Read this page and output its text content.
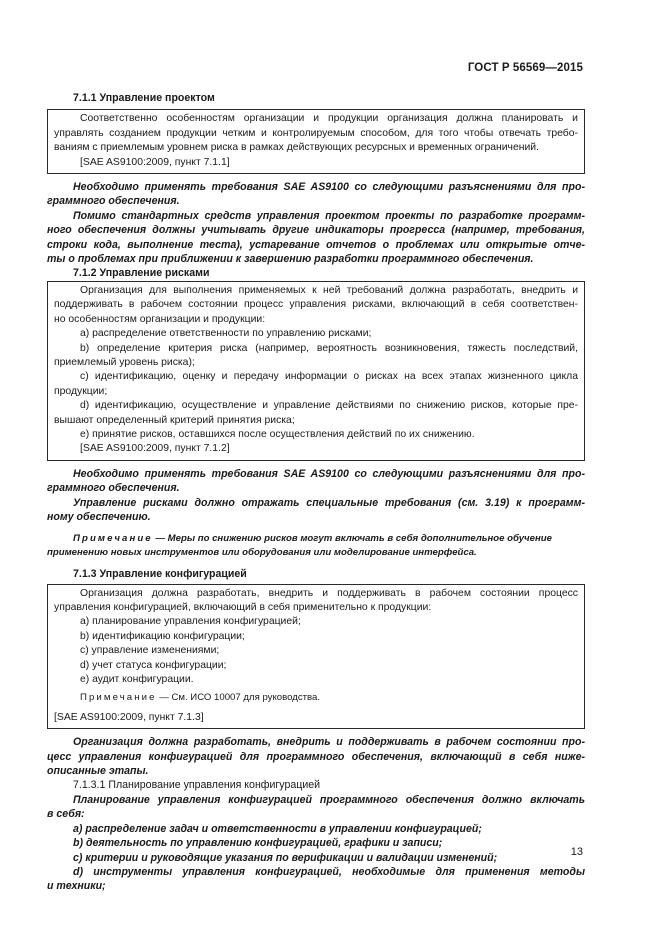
ГОСТ Р 56569—2015
7.1.1 Управление проектом
Соответственно особенностям организации и продукции организация должна планировать и
управлять созданием продукции четким и контролируемым способом, для того чтобы отвечать требо-
ваниям с приемлемым уровнем риска в рамках действующих ресурсных и временных ограничений.
[SAE AS9100:2009, пункт 7.1.1]
Необходимо применять требования SAE AS9100 со следующими разъяснениями для про-
граммного обеспечения.
Помимо стандартных средств управления проектом проекты по разработке программ-
ного обеспечения должны учитывать другие индикаторы прогресса (например, требования,
строки кода, выполнение теста), устаревание отчетов о проблемах или открытые отче-
ты о проблемах при приближении к завершению разработки программного обеспечения.
7.1.2 Управление рисками
Организация для выполнения применяемых к ней требований должна разработать, внедрить и
поддерживать в рабочем состоянии процесс управления рисками, включающий в себя соответствен-
но особенностям организации и продукции:
a) распределение ответственности по управлению рисками;
b) определение критерия риска (например, вероятность возникновения, тяжесть последствий,
приемлемый уровень риска);
c) идентификацию, оценку и передачу информации о рисках на всех этапах жизненного цикла
продукции;
d) идентификацию, осуществление и управление действиями по снижению рисков, которые пре-
вышают определенный критерий принятия риска;
e) принятие рисков, оставшихся после осуществления действий по их снижению.
[SAE AS9100:2009, пункт 7.1.2]
Необходимо применять требования SAE AS9100 со следующими разъяснениями для про-
граммного обеспечения.
Управление рисками должно отражать специальные требования (см. 3.19) к программ-
ному обеспечению.
Примечание — Меры по снижению рисков могут включать в себя дополнительное обучение
применению новых инструментов или оборудования или моделирование интерфейса.
7.1.3 Управление конфигурацией
Организация должна разработать, внедрить и поддерживать в рабочем состоянии процесс
управления конфигурацией, включающий в себя применительно к продукции:
a) планирование управления конфигурацией;
b) идентификацию конфигурации;
c) управление изменениями;
d) учет статуса конфигурации;
e) аудит конфигурации.
Примечание — См. ИСО 10007 для руководства.
[SAE AS9100:2009, пункт 7.1.3]
Организация должна разработать, внедрить и поддерживать в рабочем состоянии про-
цесс управления конфигурацией для программного обеспечения, включающий в себя ниже-
описанные этапы.
7.1.3.1 Планирование управления конфигурацией
Планирование управления конфигурацией программного обеспечения должно включать
в себя:
a) распределение задач и ответственности в управлении конфигурацией;
b) деятельность по управлению конфигурацией, графики и записи;
c) критерии и руководящие указания по верификации и валидации изменений;
d) инструменты управления конфигурацией, необходимые для применения методы
и техники;
13
